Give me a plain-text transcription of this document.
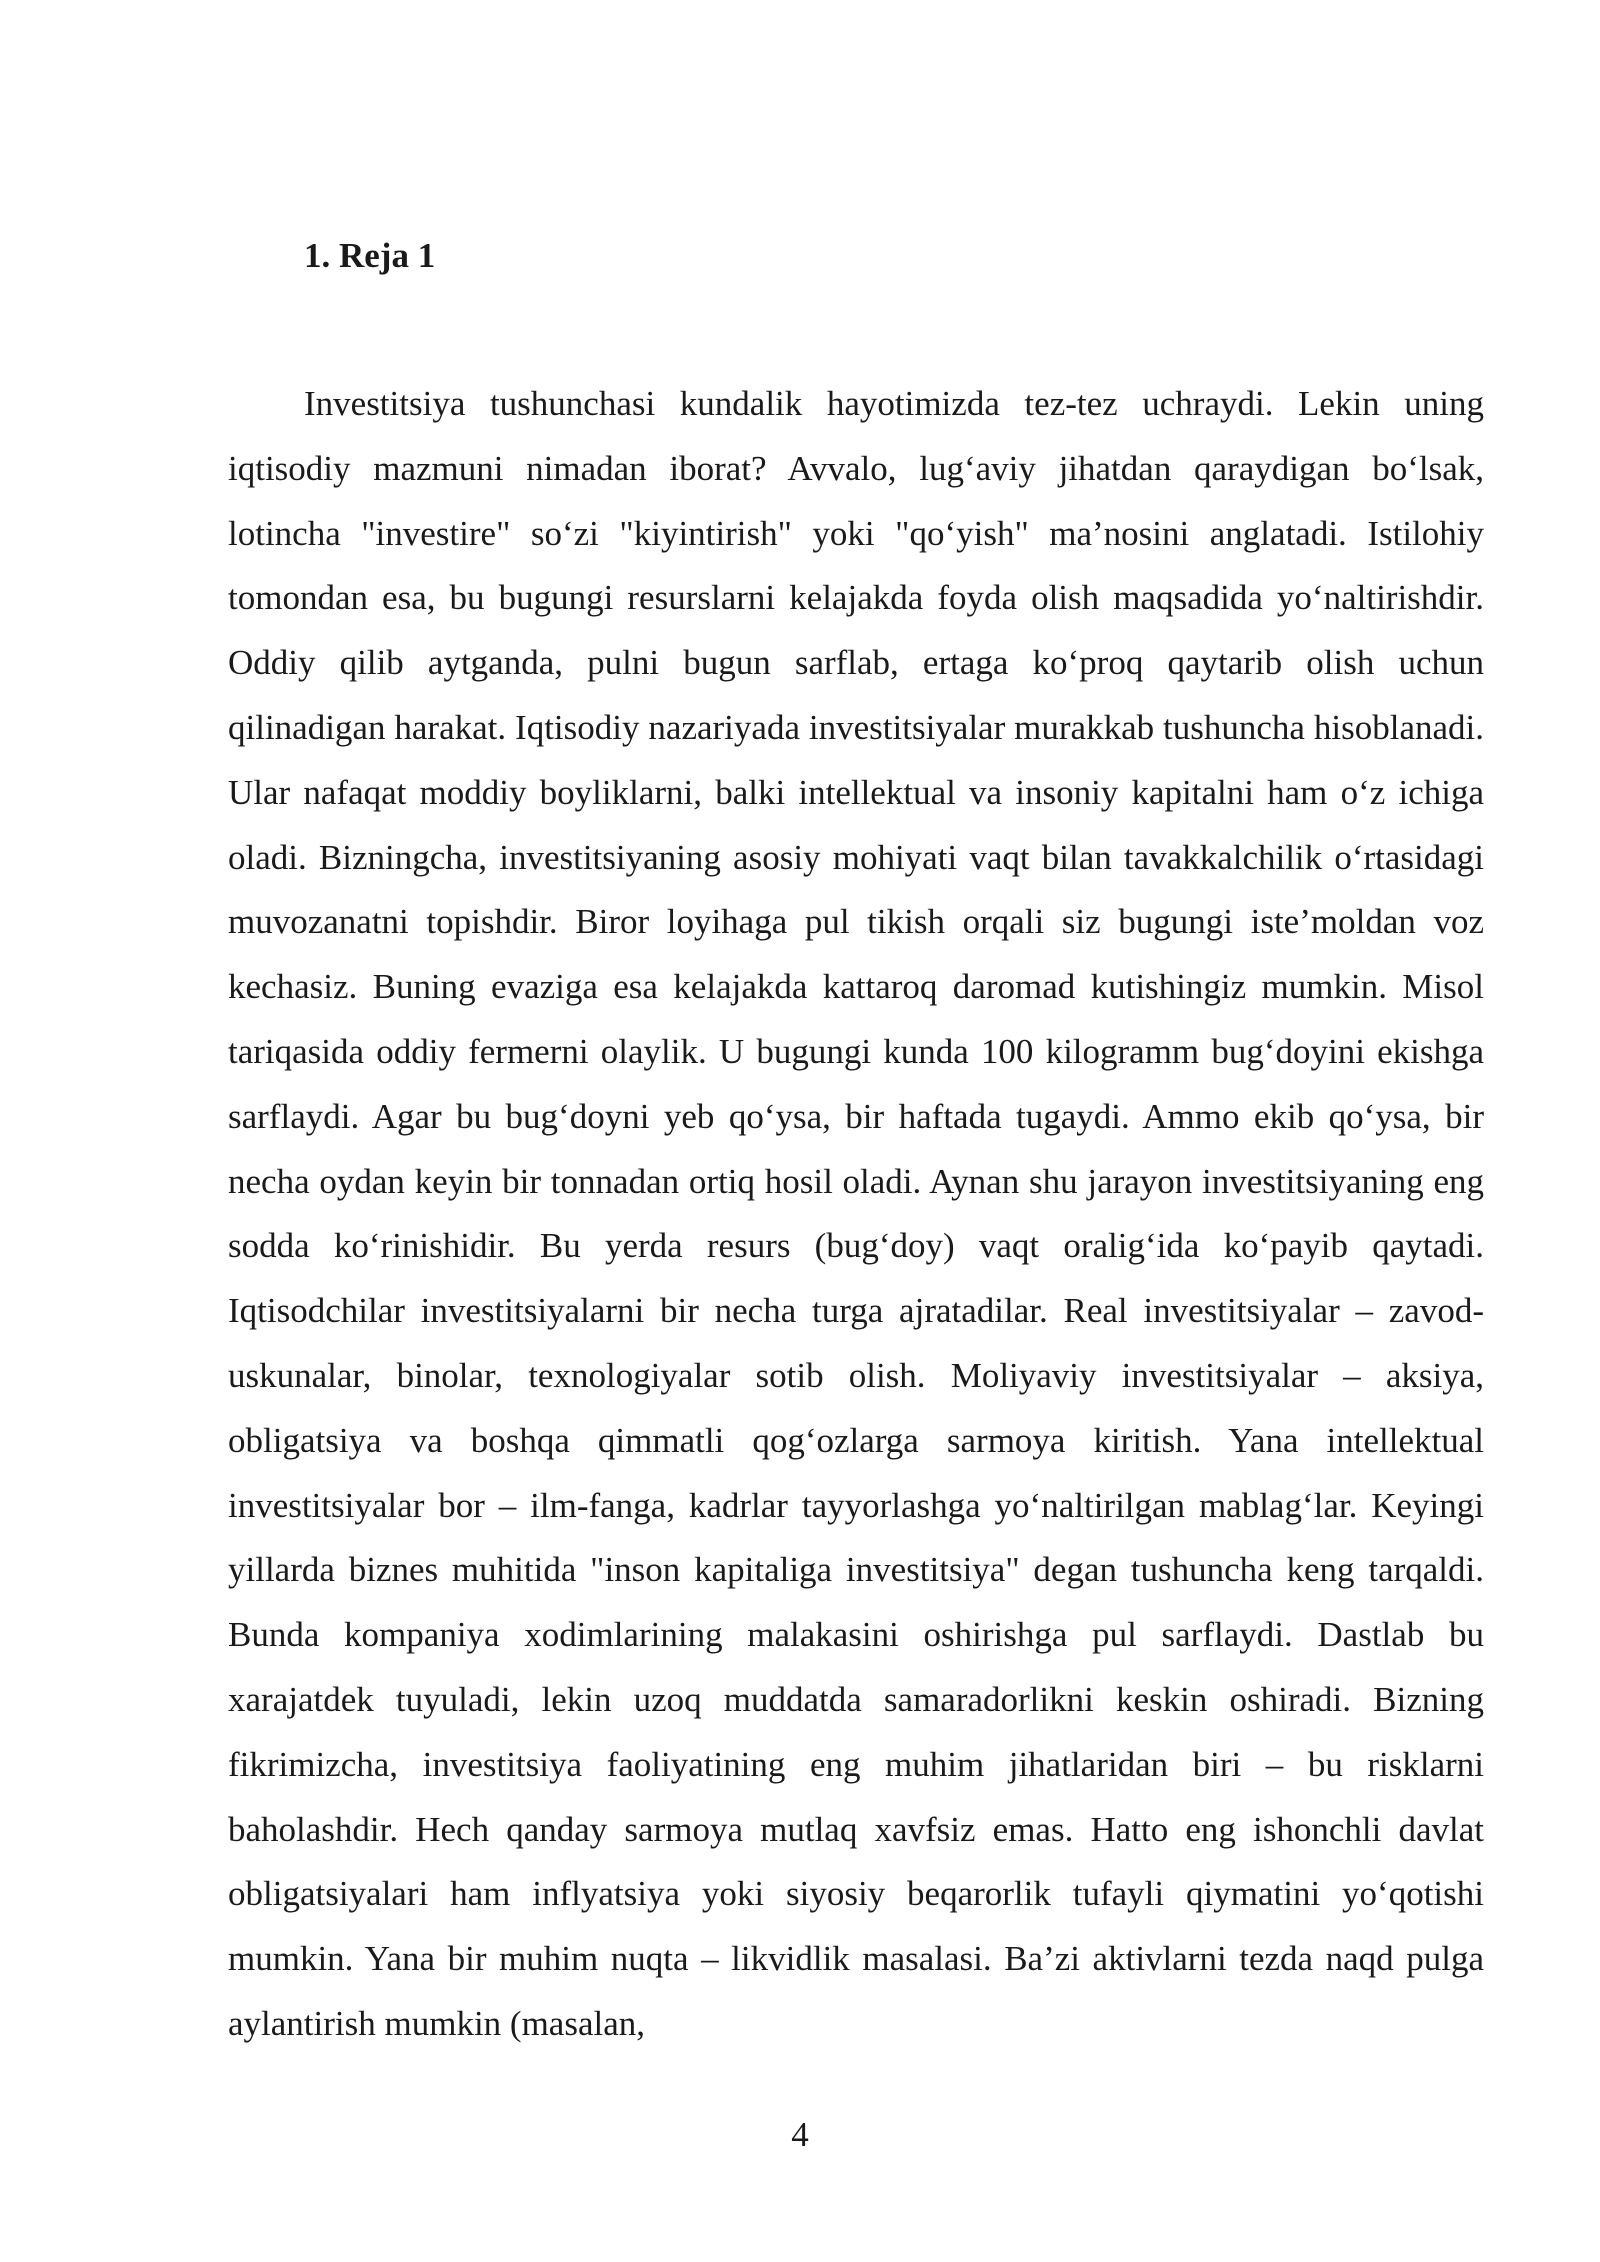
1. Reja 1

Investitsiya tushunchasi kundalik hayotimizda tez-tez uchraydi. Lekin uning iqtisodiy mazmuni nimadan iborat? Avvalo, lug‘aviy jihatdan qaraydigan bo‘lsak, lotincha "investire" so‘zi "kiyintirish" yoki "qo‘yish" ma’nosini anglatadi. Istilohiy tomondan esa, bu bugungi resurslarni kelajakda foyda olish maqsadida yo‘naltirishdir. Oddiy qilib aytganda, pulni bugun sarflab, ertaga ko‘proq qaytarib olish uchun qilinadigan harakat. Iqtisodiy nazariyada investitsiyalar murakkab tushuncha hisoblanadi. Ular nafaqat moddiy boyliklarni, balki intellektual va insoniy kapitalni ham o‘z ichiga oladi. Bizningcha, investitsiyaning asosiy mohiyati vaqt bilan tavakkalchilik o‘rtasidagi muvozanatni topishdir. Biror loyihaga pul tikish orqali siz bugungi iste’moldan voz kechasiz. Buning evaziga esa kelajakda kattaroq daromad kutishingiz mumkin. Misol tariqasida oddiy fermerni olaylik. U bugungi kunda 100 kilogramm bug‘doyini ekishga sarflaydi. Agar bu bug‘doyni yeb qo‘ysa, bir haftada tugaydi. Ammo ekib qo‘ysa, bir necha oydan keyin bir tonnadan ortiq hosil oladi. Aynan shu jarayon investitsiyaning eng sodda ko‘rinishidir. Bu yerda resurs (bug‘doy) vaqt oralig‘ida ko‘payib qaytadi. Iqtisodchilar investitsiyalarni bir necha turga ajratadilar. Real investitsiyalar – zavod-uskunalar, binolar, texnologiyalar sotib olish. Moliyaviy investitsiyalar – aksiya, obligatsiya va boshqa qimmatli qog‘ozlarga sarmoya kiritish. Yana intellektual investitsiyalar bor – ilm-fanga, kadrlar tayyorlashga yo‘naltirilgan mablag‘lar. Keyingi yillarda biznes muhitida "inson kapitaliga investitsiya" degan tushuncha keng tarqaldi. Bunda kompaniya xodimlarining malakasini oshirishga pul sarflaydi. Dastlab bu xarajatdek tuyuladi, lekin uzoq muddatda samaradorlikni keskin oshiradi. Bizning fikrimizcha, investitsiya faoliyatining eng muhim jihatlaridan biri – bu risklarni baholashdir. Hech qanday sarmoya mutlaq xavfsiz emas. Hatto eng ishonchli davlat obligatsiyalari ham inflyatsiya yoki siyosiy beqarorlik tufayli qiymatini yo‘qotishi mumkin. Yana bir muhim nuqta – likvidlik masalasi. Ba’zi aktivlarni tezda naqd pulga aylantirish mumkin (masalan,

4
